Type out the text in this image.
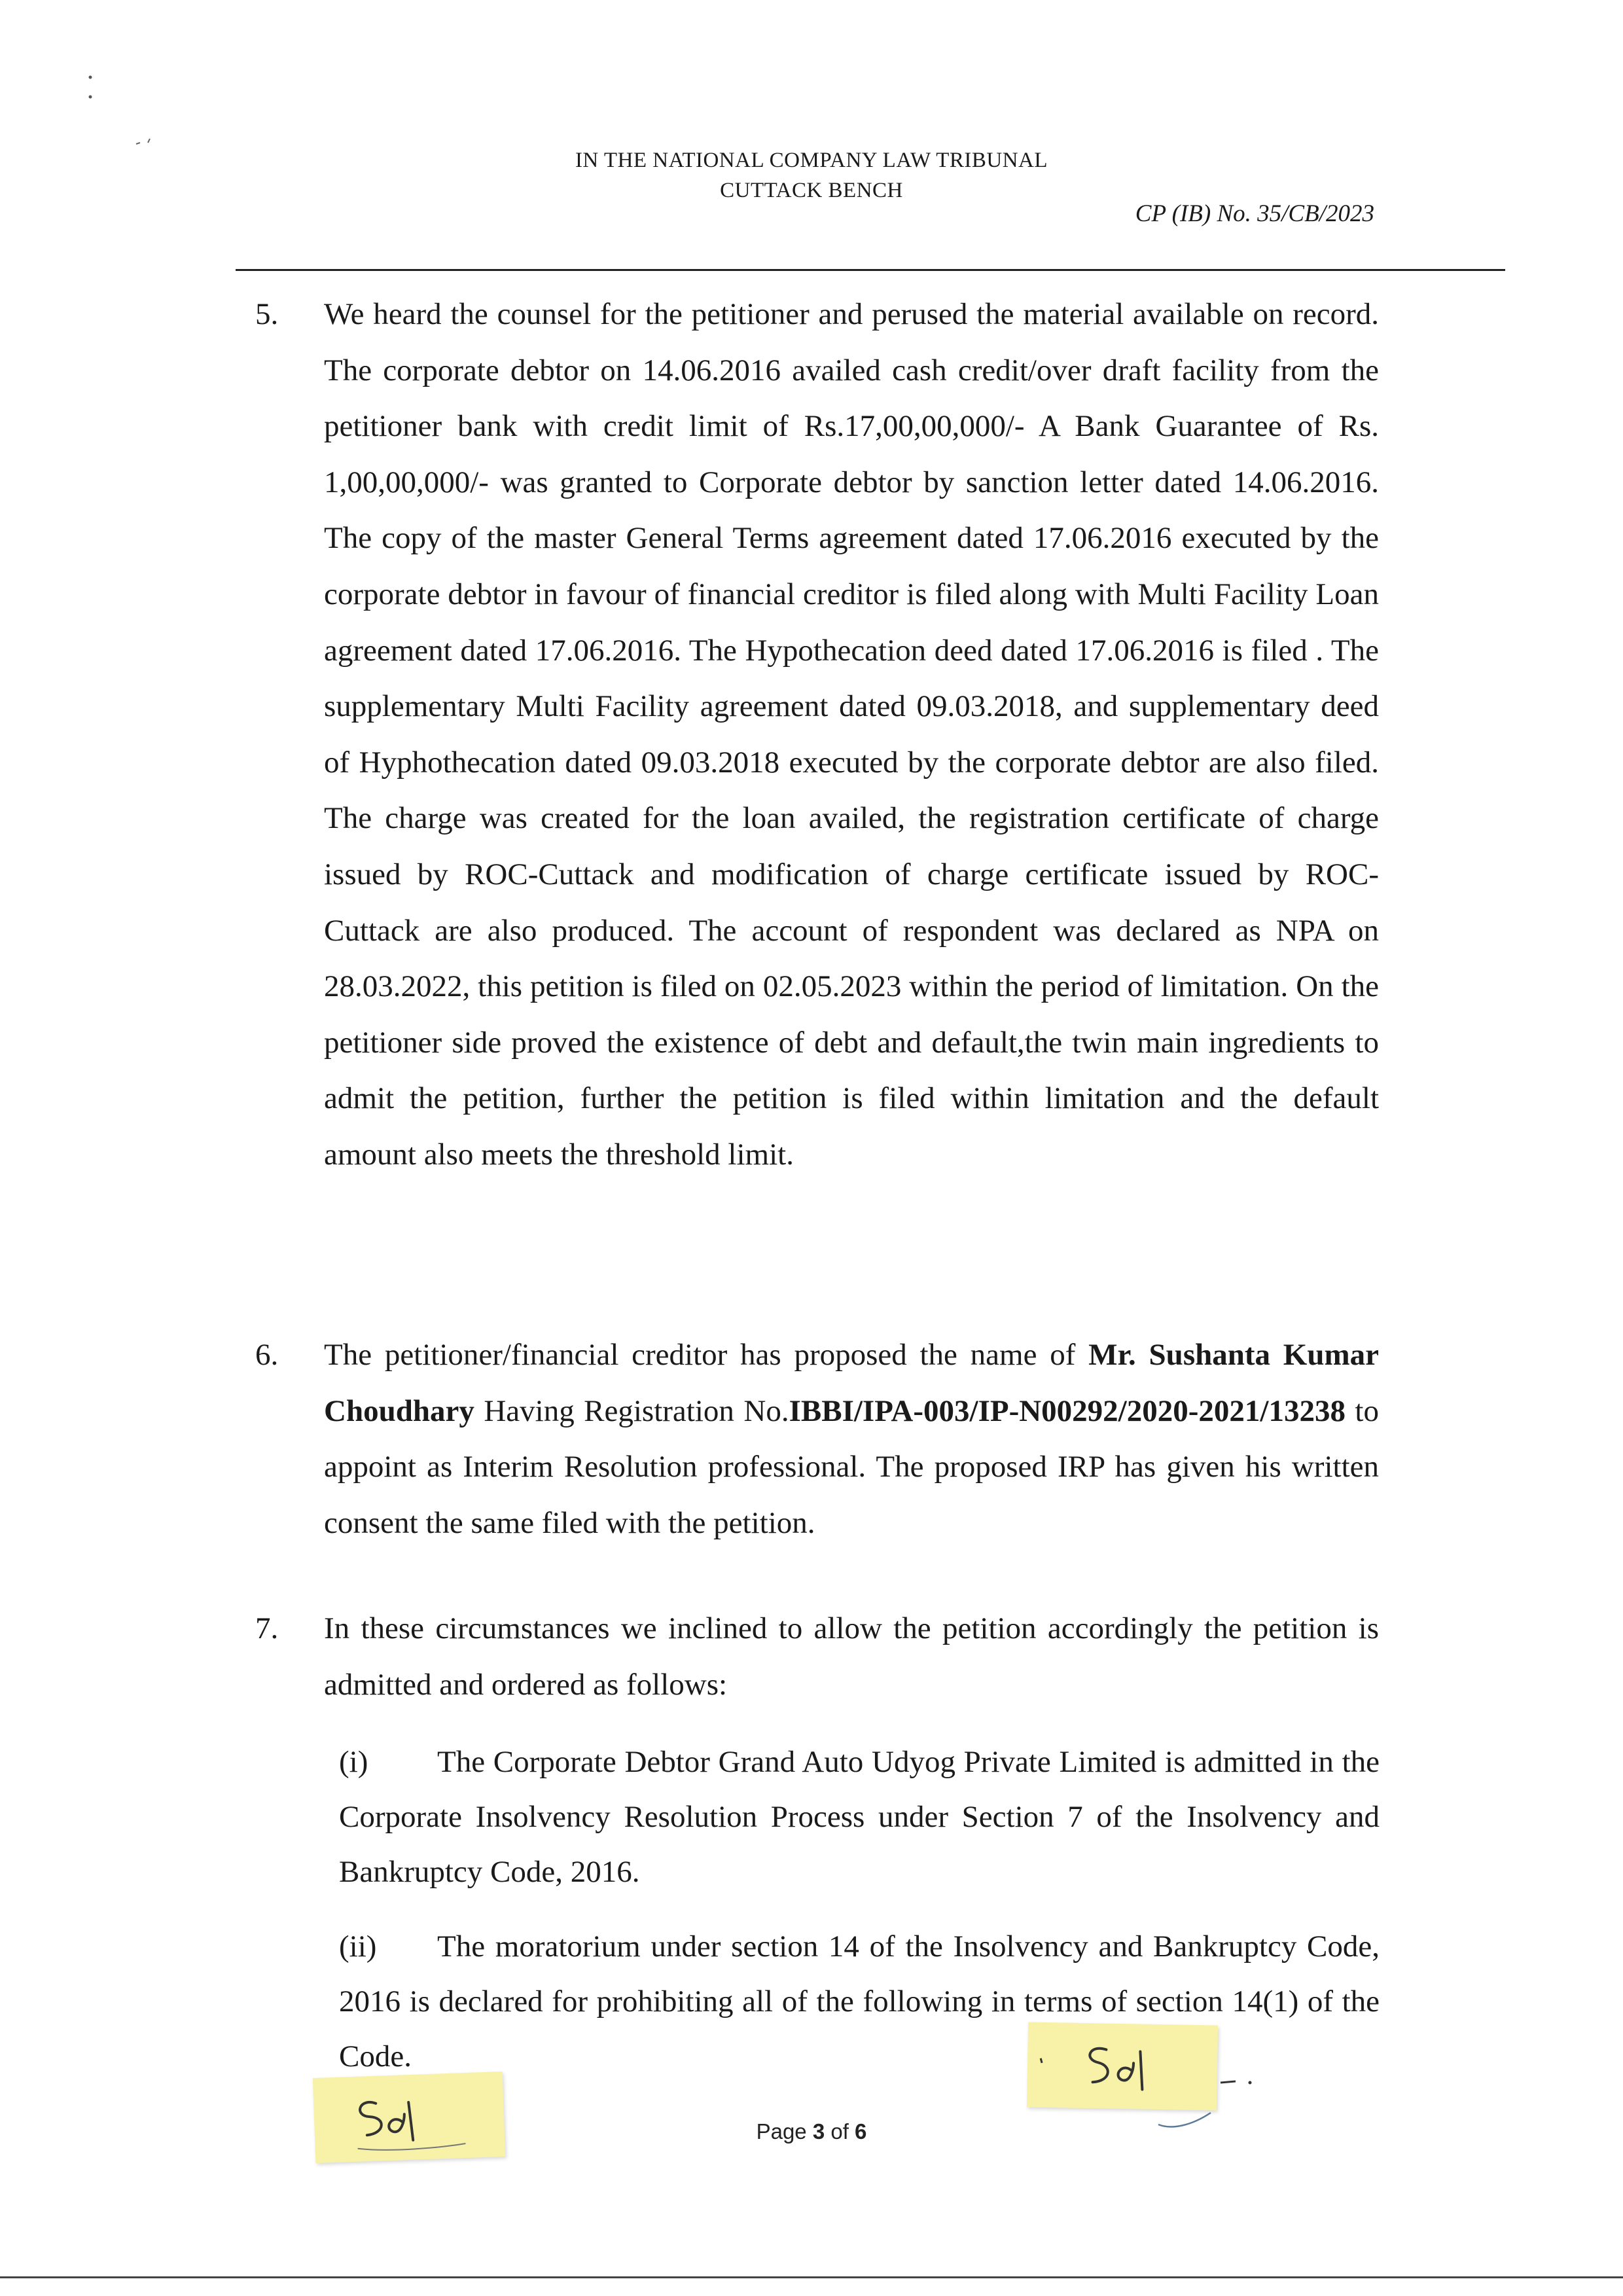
IN THE NATIONAL COMPANY LAW TRIBUNAL
CUTTACK BENCH
CP (IB) No. 35/CB/2023
5. We heard the counsel for the petitioner and perused the material available on record. The corporate debtor on 14.06.2016 availed cash credit/over draft facility from the petitioner bank with credit limit of Rs.17,00,00,000/- A Bank Guarantee of Rs. 1,00,00,000/- was granted to Corporate debtor by sanction letter dated 14.06.2016. The copy of the master General Terms agreement dated 17.06.2016 executed by the corporate debtor in favour of financial creditor is filed along with Multi Facility Loan agreement dated 17.06.2016. The Hypothecation deed dated 17.06.2016 is filed . The supplementary Multi Facility agreement dated 09.03.2018, and supplementary deed of Hyphothecation dated 09.03.2018 executed by the corporate debtor are also filed. The charge was created for the loan availed, the registration certificate of charge issued by ROC-Cuttack and modification of charge certificate issued by ROC- Cuttack are also produced. The account of respondent was declared as NPA on 28.03.2022, this petition is filed on 02.05.2023 within the period of limitation. On the petitioner side proved the existence of debt and default,the twin main ingredients to admit the petition, further the petition is filed within limitation and the default amount also meets the threshold limit.
6. The petitioner/financial creditor has proposed the name of Mr. Sushanta Kumar Choudhary Having Registration No.IBBI/IPA-003/IP-N00292/2020-2021/13238 to appoint as Interim Resolution professional. The proposed IRP has given his written consent the same filed with the petition.
7. In these circumstances we inclined to allow the petition accordingly the petition is admitted and ordered as follows:
(i) The Corporate Debtor Grand Auto Udyog Private Limited is admitted in the Corporate Insolvency Resolution Process under Section 7 of the Insolvency and Bankruptcy Code, 2016.
(ii) The moratorium under section 14 of the Insolvency and Bankruptcy Code, 2016 is declared for prohibiting all of the following in terms of section 14(1) of the Code.
Page 3 of 6
